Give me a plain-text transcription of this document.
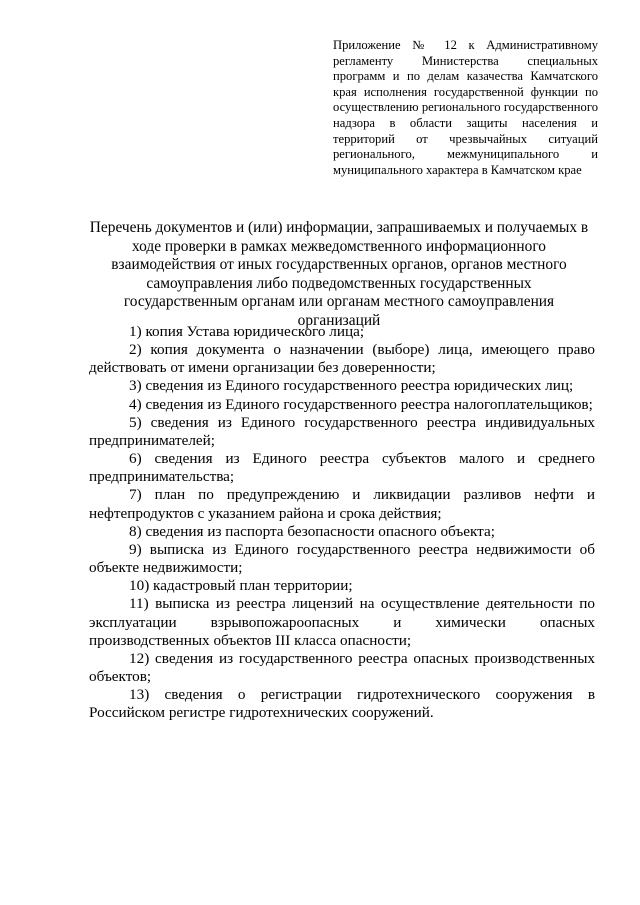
Приложение № 12 к Административному регламенту Министерства специальных программ и по делам казачества Камчатского края исполнения государственной функции по осуществлению регионального государственного надзора в области защиты населения и территорий от чрезвычайных ситуаций регионального, межмуниципального и муниципального характера в Камчатском крае
Перечень документов и (или) информации, запрашиваемых и получаемых в ходе проверки в рамках межведомственного информационного взаимодействия от иных государственных органов, органов местного самоуправления либо подведомственных государственных государственным органам или органам местного самоуправления организаций

1) копия Устава юридического лица;

2) копия документа о назначении (выборе) лица, имеющего право действовать от имени организации без доверенности;

3) сведения из Единого государственного реестра юридических лиц;

4) сведения из Единого государственного реестра налогоплательщиков;

5) сведения из Единого государственного реестра индивидуальных предпринимателей;

6) сведения из Единого реестра субъектов малого и среднего предпринимательства;

7) план по предупреждению и ликвидации разливов нефти и нефтепродуктов с указанием района и срока действия;

8) сведения из паспорта безопасности опасного объекта;

9) выписка из Единого государственного реестра недвижимости об объекте недвижимости;

10) кадастровый план территории;

11) выписка из реестра лицензий на осуществление деятельности по эксплуатации взрывопожароопасных и химически опасных производственных объектов III класса опасности;

12) сведения из государственного реестра опасных производственных объектов;

13) сведения о регистрации гидротехнического сооружения в Российском регистре гидротехнических сооружений.
